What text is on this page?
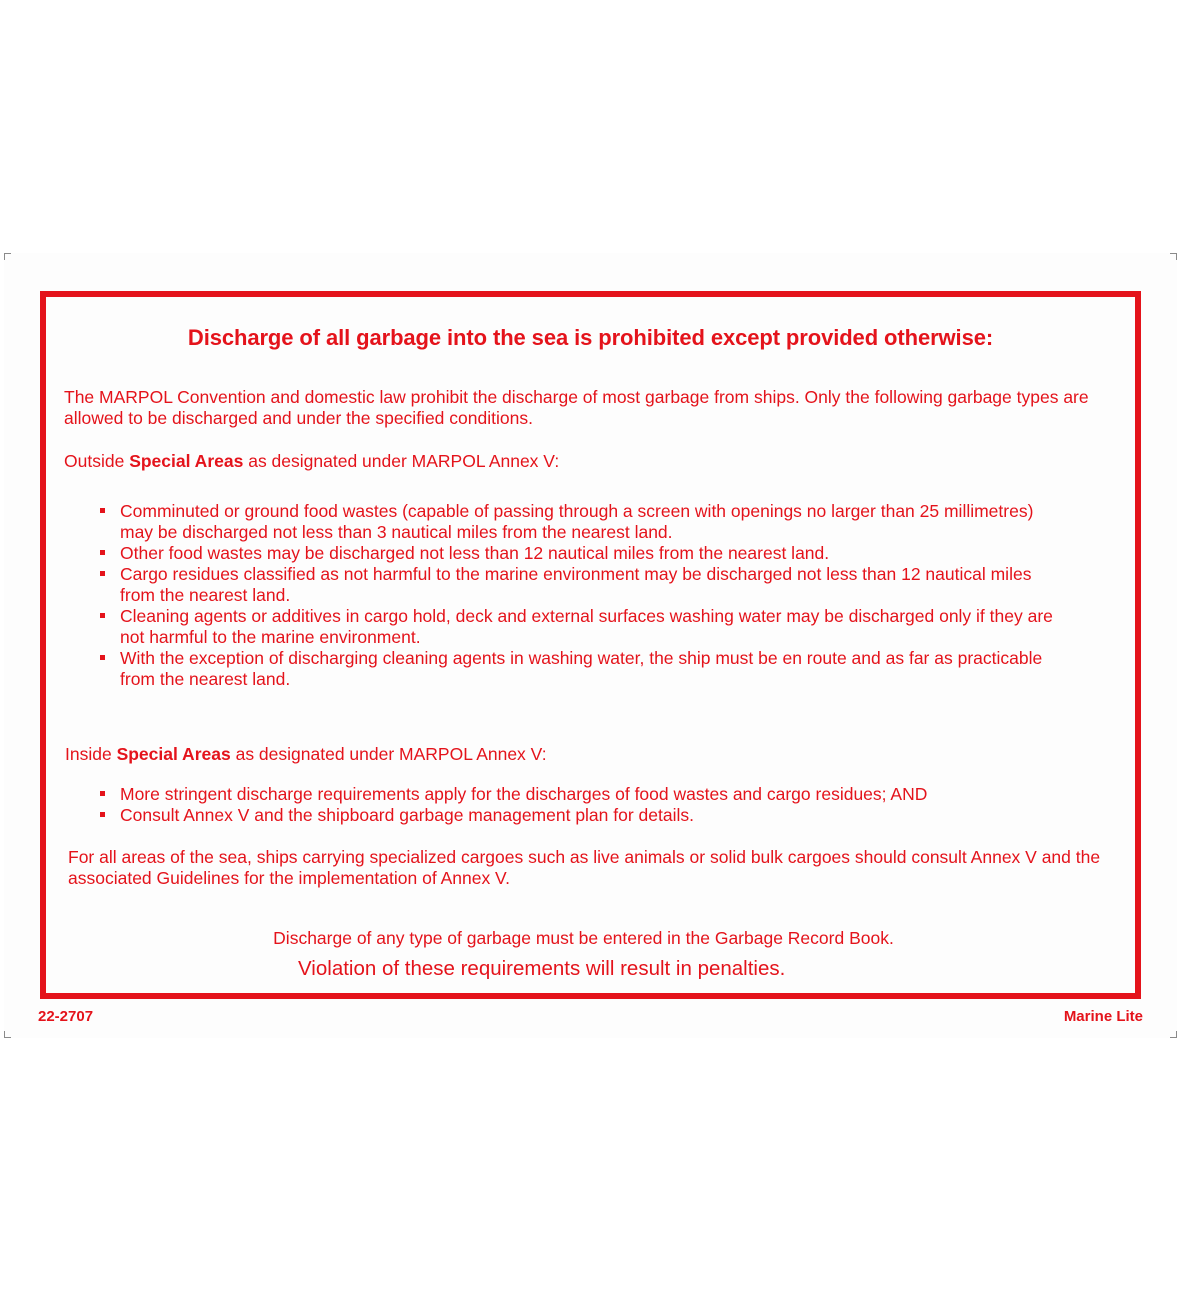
Discharge of all garbage into the sea is prohibited except provided otherwise:

The MARPOL Convention and domestic law prohibit the discharge of most garbage from ships. Only the following garbage types are allowed to be discharged and under the specified conditions.

Outside Special Areas as designated under MARPOL Annex V:

Comminuted or ground food wastes (capable of passing through a screen with openings no larger than 25 millimetres) may be discharged not less than 3 nautical miles from the nearest land.
Other food wastes may be discharged not less than 12 nautical miles from the nearest land.
Cargo residues classified as not harmful to the marine environment may be discharged not less than 12 nautical miles from the nearest land.
Cleaning agents or additives in cargo hold, deck and external surfaces washing water may be discharged only if they are not harmful to the marine environment.
With the exception of discharging cleaning agents in washing water, the ship must be en route and as far as practicable from the nearest land.

Inside Special Areas as designated under MARPOL Annex V:

More stringent discharge requirements apply for the discharges of food wastes and cargo residues; AND
Consult Annex V and the shipboard garbage management plan for details.

For all areas of the sea, ships carrying specialized cargoes such as live animals or solid bulk cargoes should consult Annex V and the associated Guidelines for the implementation of Annex V.

Discharge of any type of garbage must be entered in the Garbage Record Book.

Violation of these requirements will result in penalties.

22-2707	Marine Lite
